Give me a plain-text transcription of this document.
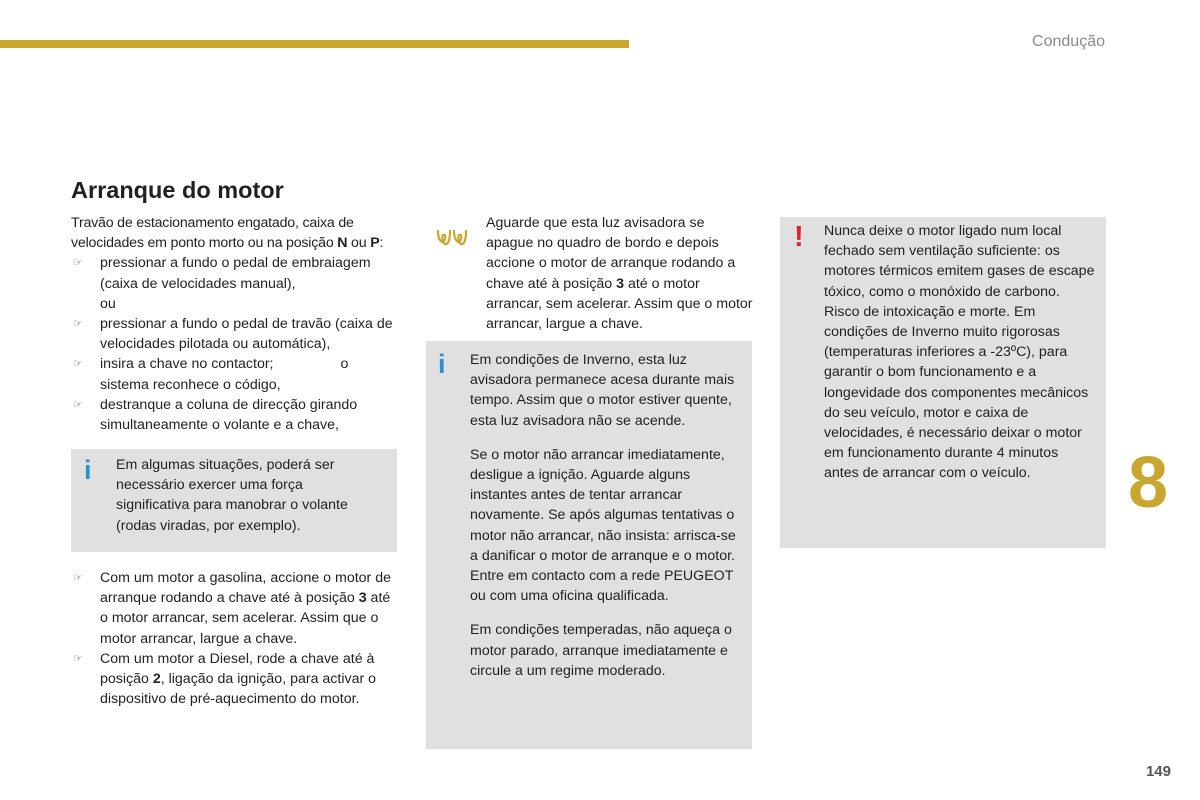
Condução
Arranque do motor

Travão de estacionamento engatado, caixa de
velocidades em ponto morto ou na posição N ou P:

☞ pressionar a fundo o pedal de embraiagem (caixa de velocidades manual),

ou

☞ pressionar a fundo o pedal de travão (caixa de velocidades pilotada ou automática),

☞ insira a chave no contactor;                 o sistema reconhece o código,

☞ destranque a coluna de direcção girando simultaneamente o volante e a chave,

i Em algumas situações, poderá ser necessário exercer uma força significativa para manobrar o volante (rodas viradas, por exemplo).

☞ Com um motor a gasolina, accione o motor de arranque rodando a chave até à posição 3 até o motor arrancar, sem acelerar. Assim que o motor arrancar, largue a chave.

☞ Com um motor a Diesel, rode a chave até à posição 2, ligação da ignição, para activar o dispositivo de pré-aquecimento do motor.

Aguarde que esta luz avisadora se apague no quadro de bordo e depois accione o motor de arranque rodando a chave até à posição 3 até o motor arrancar, sem acelerar. Assim que o motor arrancar, largue a chave.
i Em condições de Inverno, esta luz avisadora permanece acesa durante mais tempo. Assim que o motor estiver quente, esta luz avisadora não se acende.

Se o motor não arrancar imediatamente, desligue a ignição. Aguarde alguns instantes antes de tentar arrancar novamente. Se após algumas tentativas o motor não arrancar, não insista: arrisca-se a danificar o motor de arranque e o motor. Entre em contacto com a rede PEUGEOT ou com uma oficina qualificada.

Em condições temperadas, não aqueça o motor parado, arranque imediatamente e circule a um regime moderado.

! Nunca deixe o motor ligado num local fechado sem ventilação suficiente: os motores térmicos emitem gases de escape tóxico, como o monóxido de carbono. Risco de intoxicação e morte. Em condições de Inverno muito rigorosas (temperaturas inferiores a -23ºC), para garantir o bom funcionamento e a longevidade dos componentes mecânicos do seu veículo, motor e caixa de velocidades, é necessário deixar o motor em funcionamento durante 4 minutos antes de arrancar com o veículo.	8
149
